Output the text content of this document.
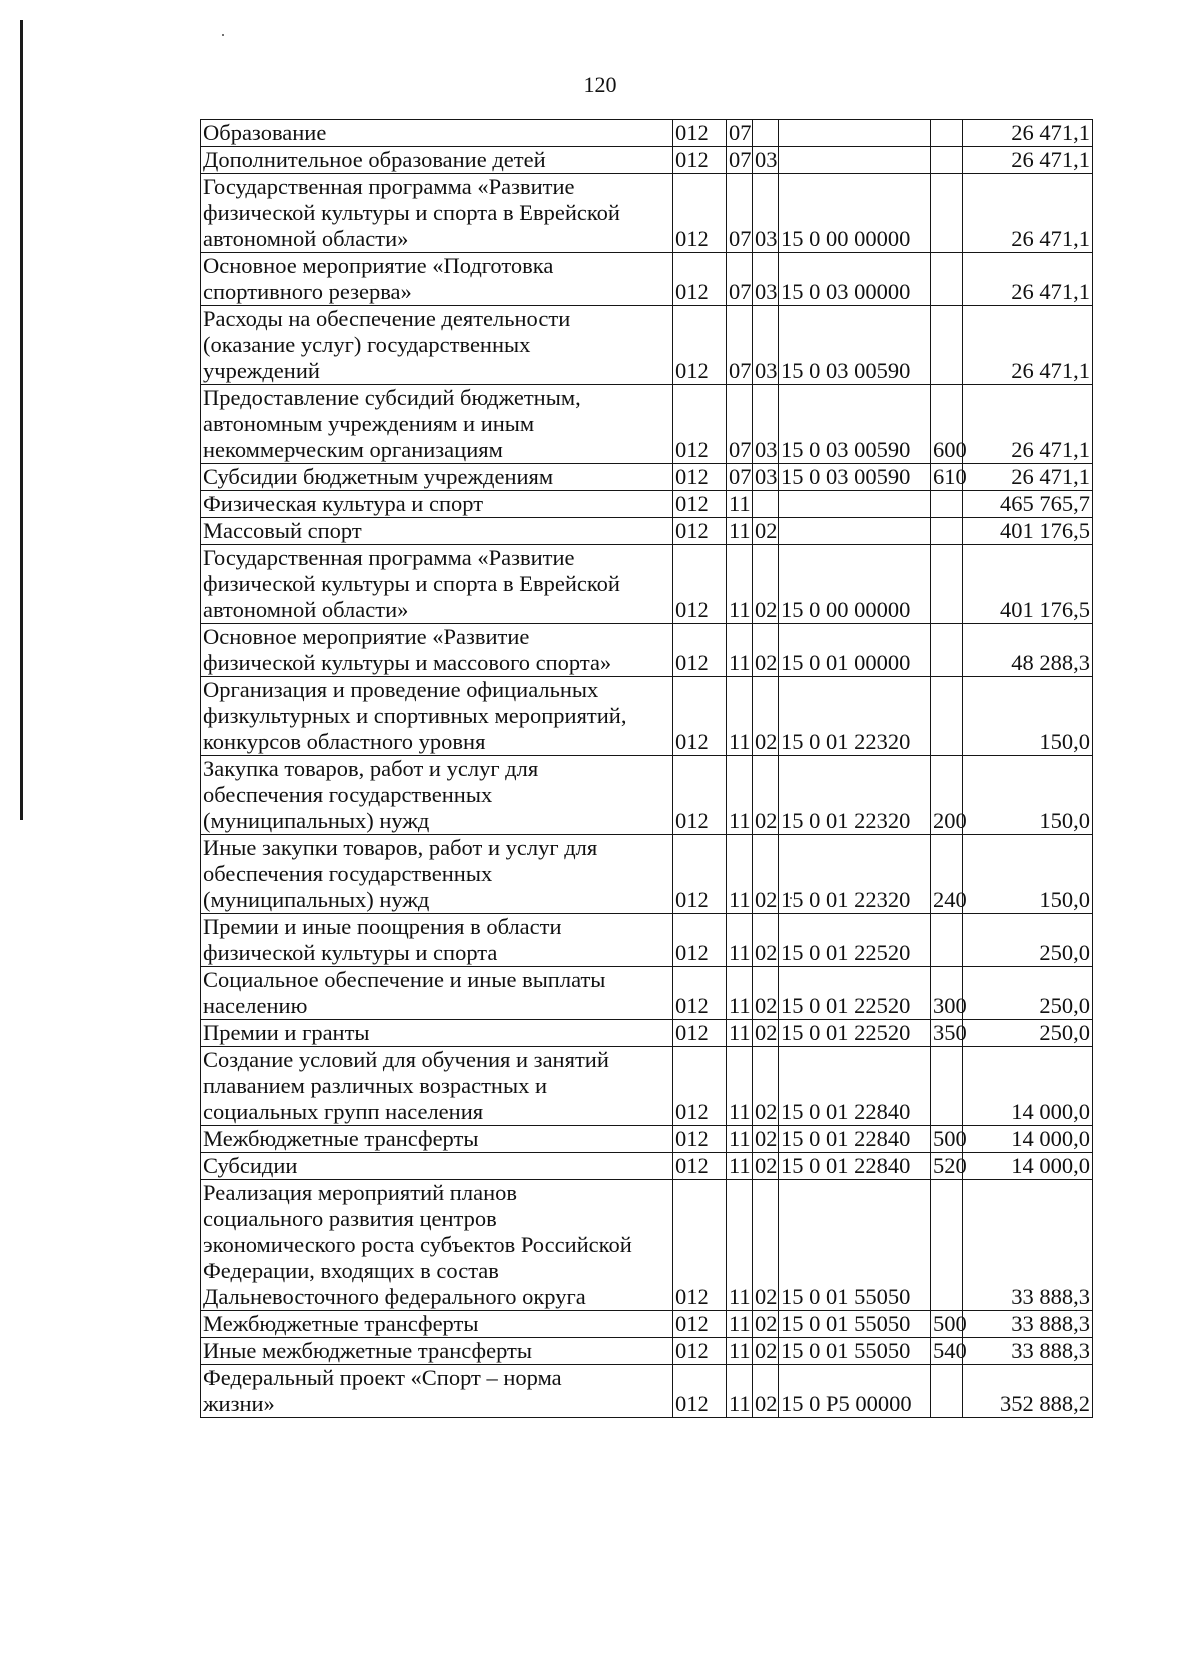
120
Образование	012	07				26 471,1
Дополнительное образование детей	012	07	03			26 471,1
Государственная программа «Развитие
физической культуры и спорта в Еврейской
автономной области»	012	07	03	15 0 00 00000		26 471,1
Основное мероприятие «Подготовка
спортивного резерва»	012	07	03	15 0 03 00000		26 471,1
Расходы на обеспечение деятельности
(оказание услуг) государственных
учреждений	012	07	03	15 0 03 00590		26 471,1
Предоставление субсидий бюджетным,
автономным учреждениям и иным
некоммерческим организациям	012	07	03	15 0 03 00590	600	26 471,1
Субсидии бюджетным учреждениям	012	07	03	15 0 03 00590	610	26 471,1
Физическая культура и спорт	012	11				465 765,7
Массовый спорт	012	11	02			401 176,5
Государственная программа «Развитие
физической культуры и спорта в Еврейской
автономной области»	012	11	02	15 0 00 00000		401 176,5
Основное мероприятие «Развитие
физической культуры и массового спорта»	012	11	02	15 0 01 00000		48 288,3
Организация и проведение официальных
физкультурных и спортивных мероприятий,
конкурсов областного уровня	012	11	02	15 0 01 22320		150,0
Закупка товаров, работ и услуг для
обеспечения государственных
(муниципальных) нужд	012	11	02	15 0 01 22320	200	150,0
Иные закупки товаров, работ и услуг для
обеспечения государственных
(муниципальных) нужд	012	11	02	15 0 01 22320	240	150,0
Премии и иные поощрения в области
физической культуры и спорта	012	11	02	15 0 01 22520		250,0
Социальное обеспечение и иные выплаты
населению	012	11	02	15 0 01 22520	300	250,0
Премии и гранты	012	11	02	15 0 01 22520	350	250,0
Создание условий для обучения и занятий
плаванием различных возрастных и
социальных групп населения	012	11	02	15 0 01 22840		14 000,0
Межбюджетные трансферты	012	11	02	15 0 01 22840	500	14 000,0
Субсидии	012	11	02	15 0 01 22840	520	14 000,0
Реализация мероприятий планов
социального развития центров
экономического роста субъектов Российской
Федерации, входящих в состав
Дальневосточного федерального округа	012	11	02	15 0 01 55050		33 888,3
Межбюджетные трансферты	012	11	02	15 0 01 55050	500	33 888,3
Иные межбюджетные трансферты	012	11	02	15 0 01 55050	540	33 888,3
Федеральный проект «Спорт – норма
жизни»	012	11	02	15 0 P5 00000		352 888,2
